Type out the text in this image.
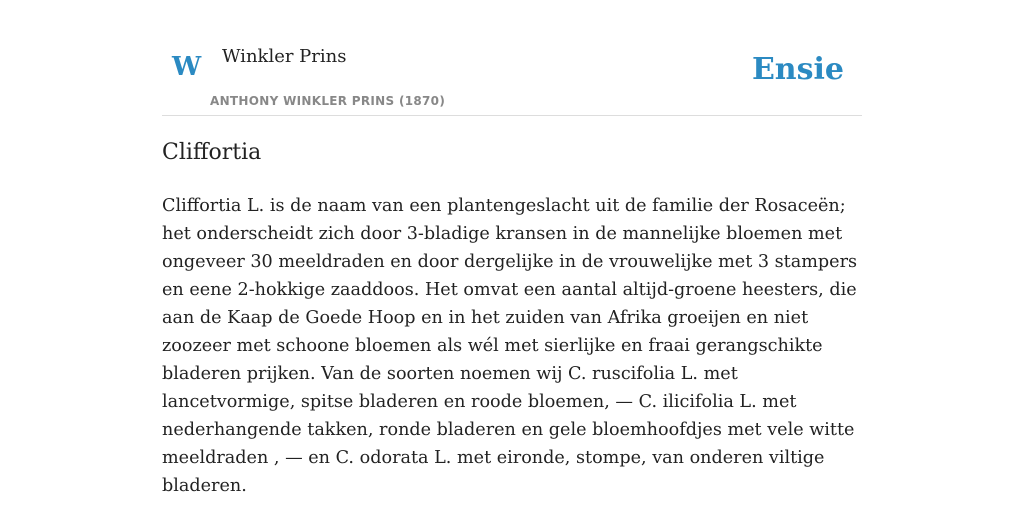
W Winkler Prins
ANTHONY WINKLER PRINS (1870)
Ensie
Cliffortia

Cliffortia L. is de naam van een plantengeslacht uit de familie der Rosaceën; het onderscheidt zich door 3-bladige kransen in de mannelijke bloemen met ongeveer 30 meeldraden en door dergelijke in de vrouwelijke met 3 stampers en eene 2-hokkige zaaddoos. Het omvat een aantal altijd-groene heesters, die aan de Kaap de Goede Hoop en in het zuiden van Afrika groeijen en niet zoozeer met schoone bloemen als wél met sierlijke en fraai gerangschikte bladeren prijken. Van de soorten noemen wij C. ruscifolia L. met lancetvormige, spitse bladeren en roode bloemen, — C. ilicifolia L. met nederhangende takken, ronde bladeren en gele bloemhoofdjes met vele witte meeldraden , — en C. odorata L. met eironde, stompe, van onderen viltige bladeren.
